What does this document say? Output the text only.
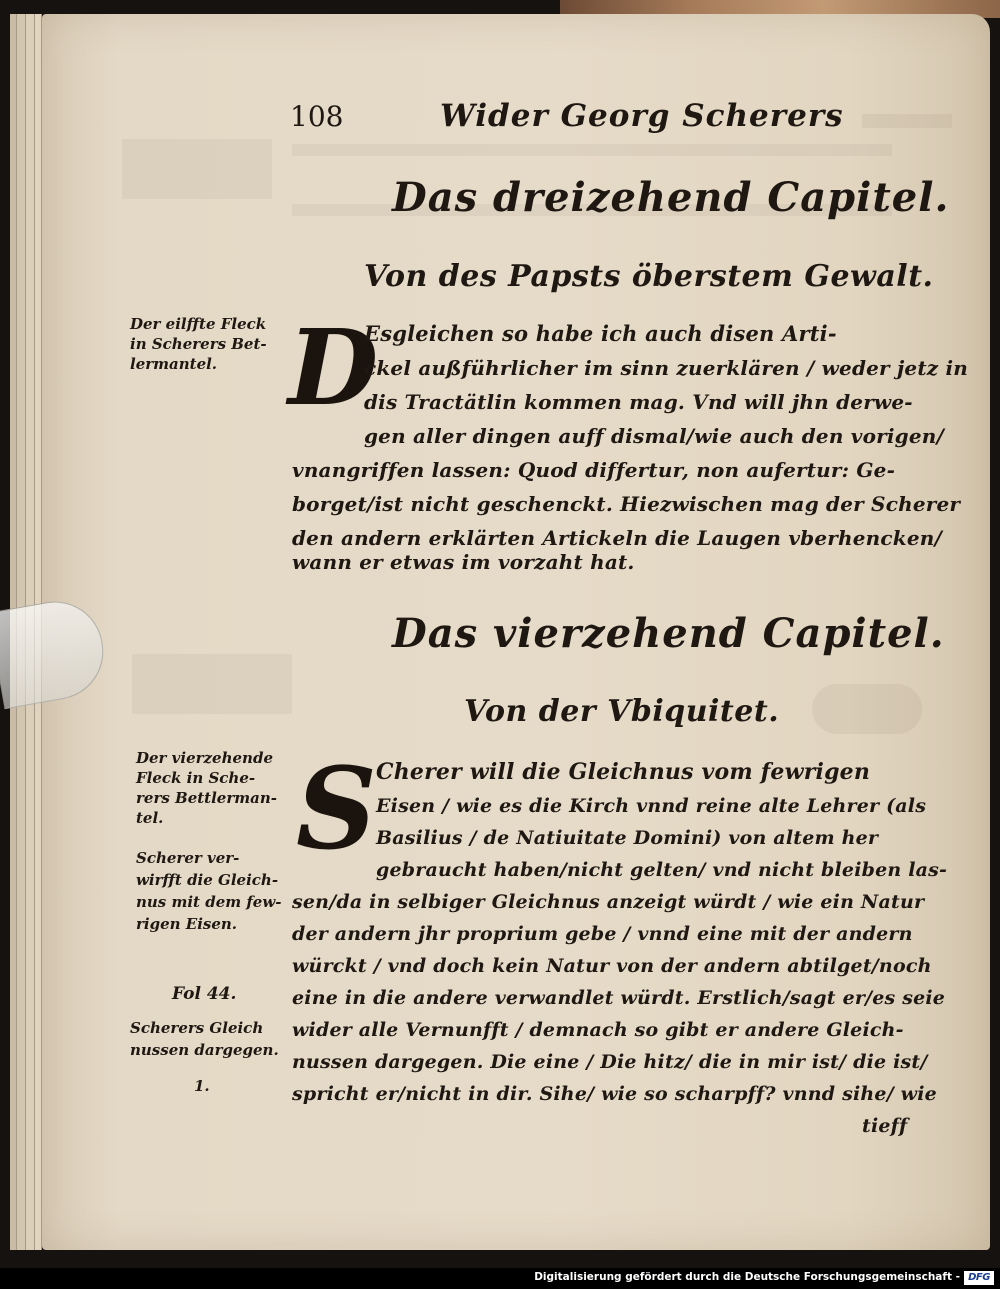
108	Wider Georg Scherers
Das dreizehend Capitel.
Von des Papsts öberstem Gewalt.
D
Esgleichen so habe ich auch disen Arti-
ckel außführlicher im sinn zuerklären / weder jetz in
dis Tractätlin kommen mag. Vnd will jhn derwe-
gen aller dingen auff dismal/wie auch den vorigen/
vnangriffen lassen: Quod differtur, non aufertur: Ge-
borget/ist nicht geschenckt. Hiezwischen mag der Scherer
den andern erklärten Artickeln die Laugen vberhencken/
wann er etwas im vorzaht hat.
Der eilffte Fleck
in Scherers Bet-
lermantel.
Das vierzehend Capitel.
Von der Vbiquitet.
S Cherer will die Gleichnus vom fewrigen
Eisen / wie es die Kirch vnnd reine alte Lehrer (als
Basilius / de Natiuitate Domini) von altem her
gebraucht haben/nicht gelten/ vnd nicht bleiben las-
sen/da in selbiger Gleichnus anzeigt würdt / wie ein Natur
der andern jhr proprium gebe / vnnd eine mit der andern
würckt / vnd doch kein Natur von der andern abtilget/noch
eine in die andere verwandlet würdt. Erstlich/sagt er/es seie
wider alle Vernunfft / demnach so gibt er andere Gleich-
nussen dargegen. Die eine / Die hitz/ die in mir ist/ die ist/
spricht er/nicht in dir. Sihe/ wie so scharpff? vnnd sihe/ wie
tieff
Der vierzehende
Fleck in Sche-
rers Bettlerman-
tel.
Scherer ver-
wirfft die Gleich-
nus mit dem few-
rigen Eisen.
Fol 44.
Scherers Gleich
nussen dargegen.
1.
Digitalisierung gefördert durch die Deutsche Forschungsgemeinschaft - DFG
